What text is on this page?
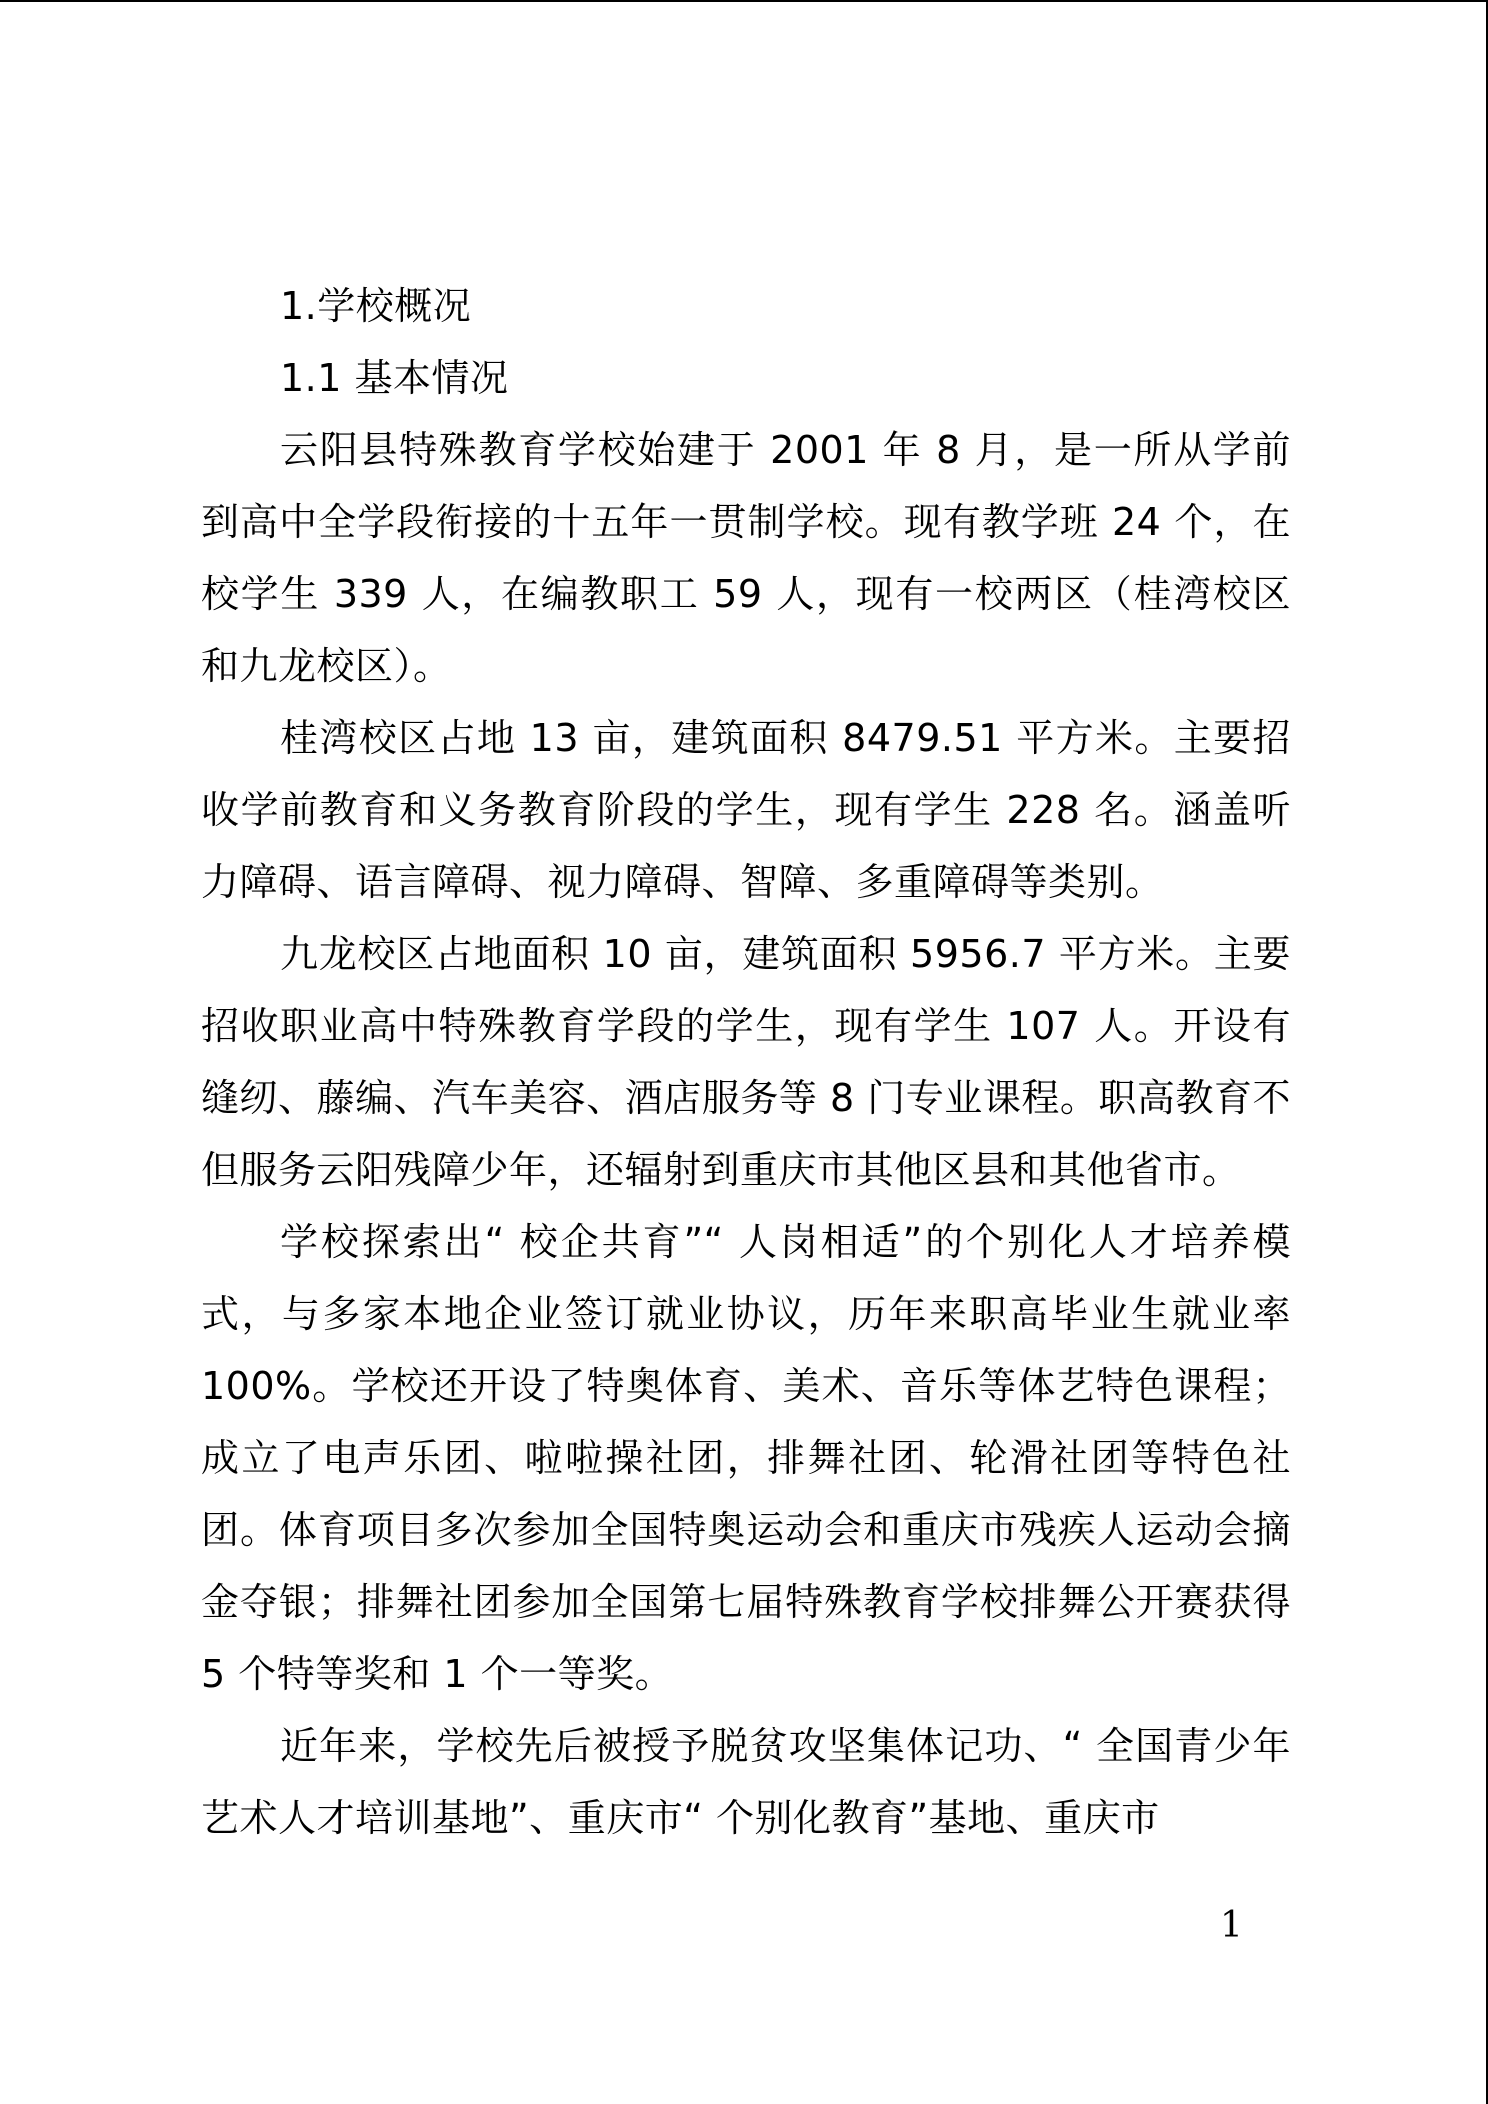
1.学校概况

1.1 基本情况

云阳县特殊教育学校始建于 2001 年 8 月，是一所从学前到高中全学段衔接的十五年一贯制学校。现有教学班 24 个，在校学生 339 人，在编教职工 59 人，现有一校两区（桂湾校区和九龙校区）。

桂湾校区占地 13 亩，建筑面积 8479.51 平方米。主要招收学前教育和义务教育阶段的学生，现有学生 228 名。涵盖听力障碍、语言障碍、视力障碍、智障、多重障碍等类别。

九龙校区占地面积 10 亩，建筑面积 5956.7 平方米。主要招收职业高中特殊教育学段的学生，现有学生 107 人。开设有缝纫、藤编、汽车美容、酒店服务等 8 门专业课程。职高教育不但服务云阳残障少年，还辐射到重庆市其他区县和其他省市。

学校探索出“ 校企共育”“ 人岗相适”的个别化人才培养模式，与多家本地企业签订就业协议，历年来职高毕业生就业率 100%。学校还开设了特奥体育、美术、音乐等体艺特色课程；成立了电声乐团、啦啦操社团，排舞社团、轮滑社团等特色社团。体育项目多次参加全国特奥运动会和重庆市残疾人运动会摘金夺银；排舞社团参加全国第七届特殊教育学校排舞公开赛获得 5 个特等奖和 1 个一等奖。

近年来，学校先后被授予脱贫攻坚集体记功、“ 全国青少年艺术人才培训基地”、重庆市“ 个别化教育”基地、重庆市

1
